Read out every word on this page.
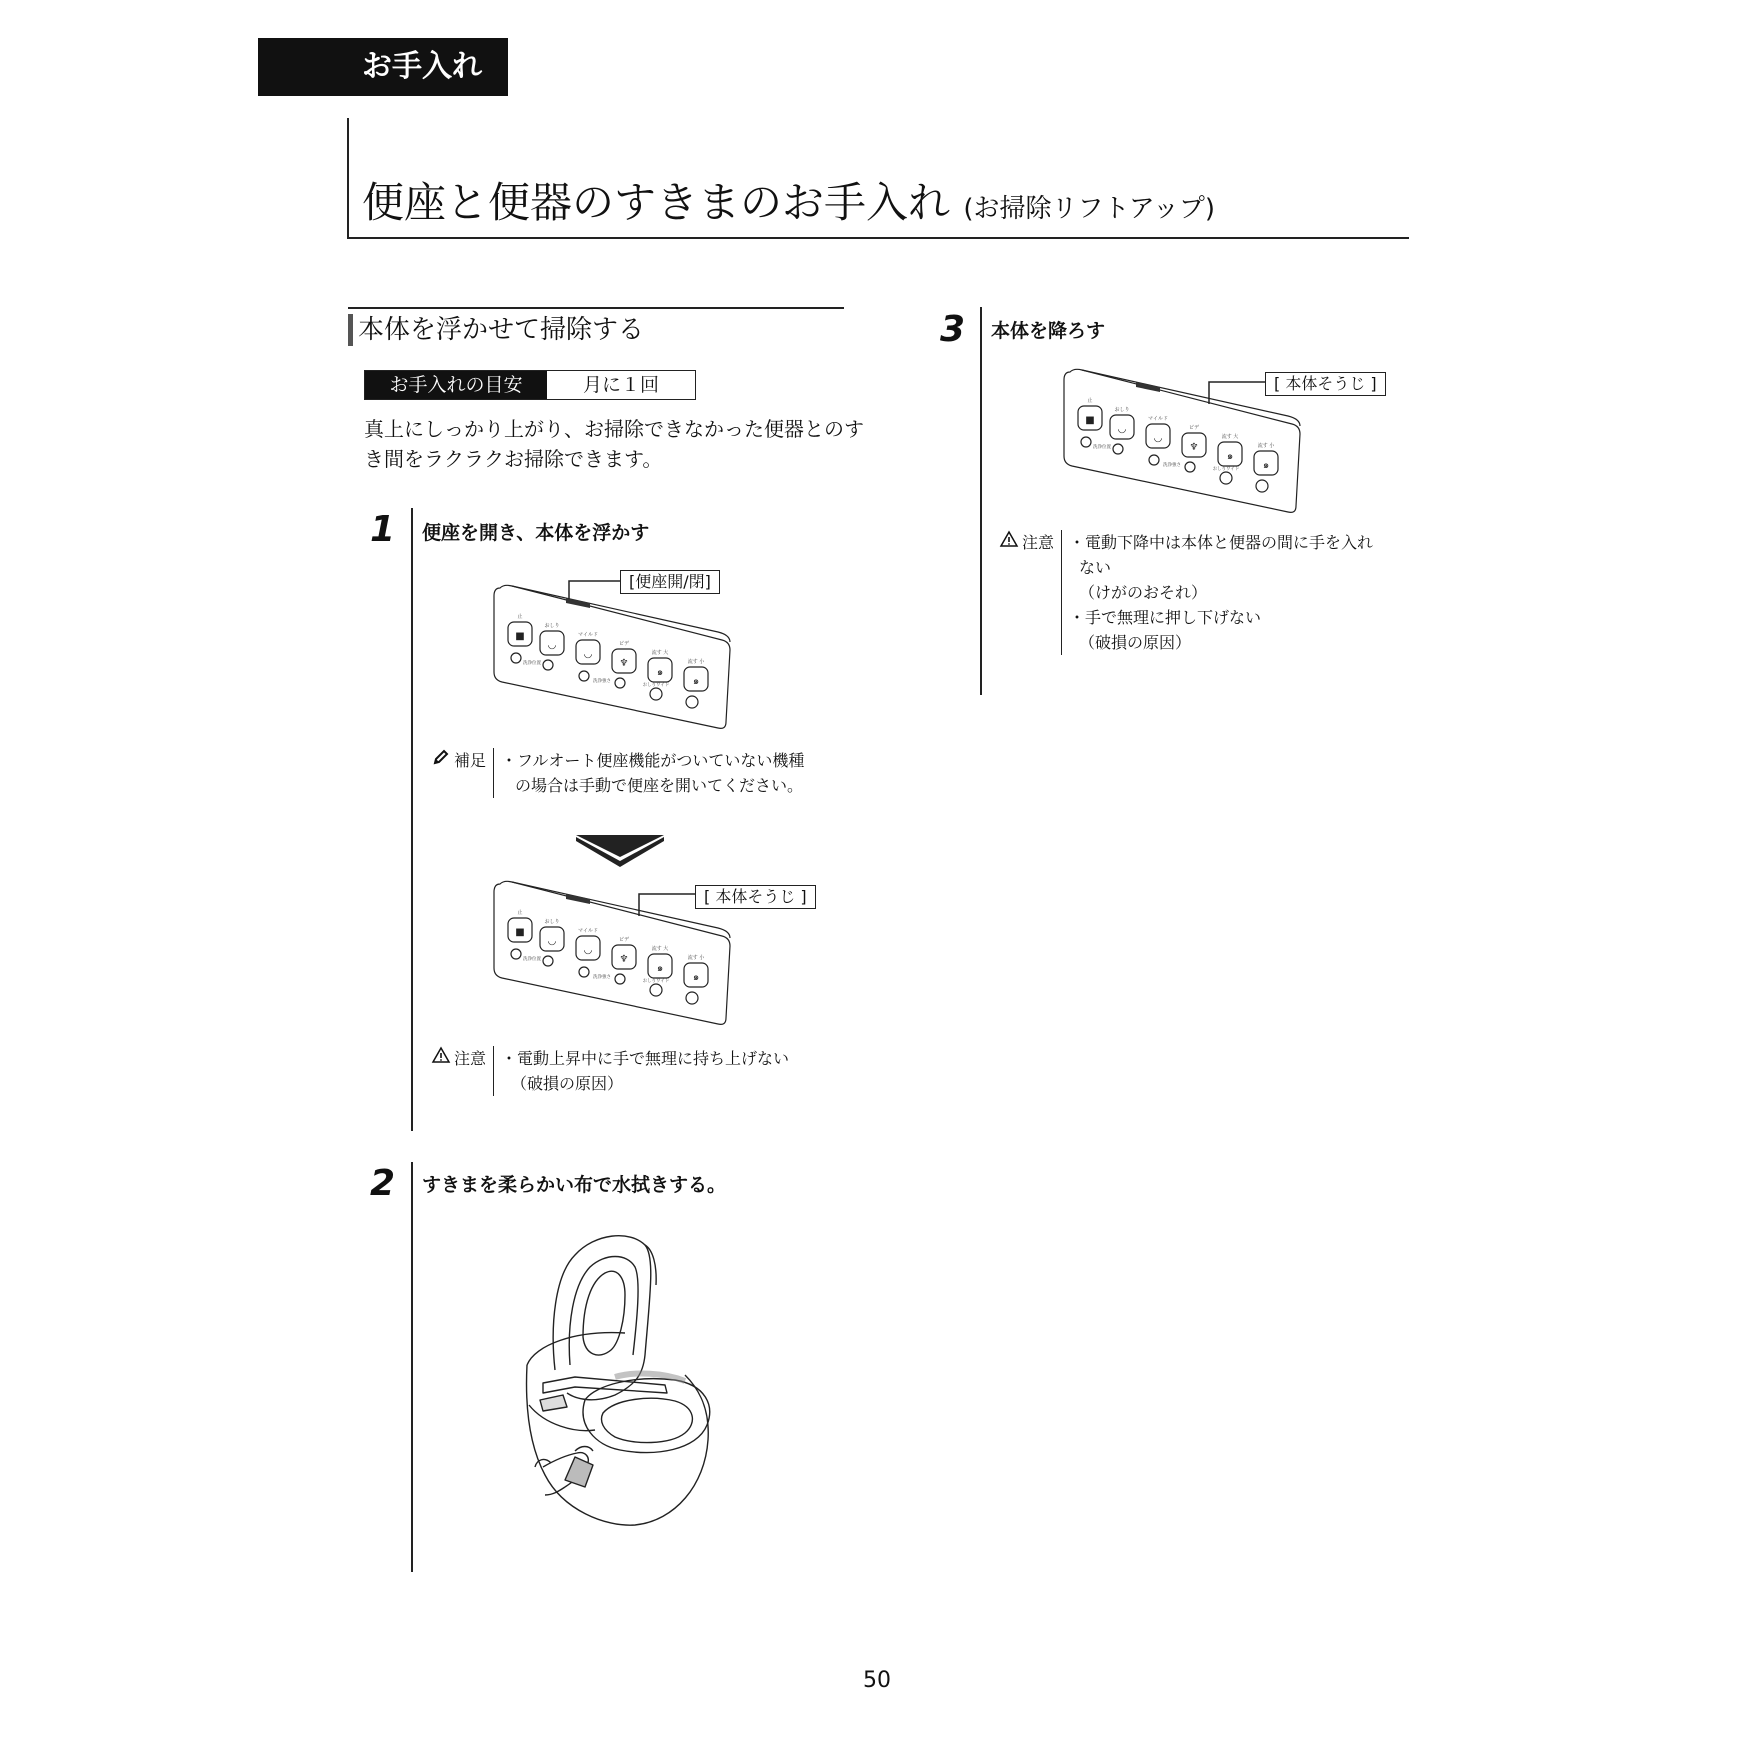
お手入れ
便座と便器のすきまのお手入れ (お掃除リフトアップ)
本体を浮かせて掃除する
お手入れの目安	月に１回
真上にしっかり上がり、お掃除できなかった便器とのすき間をラクラクお掃除できます。
1 便座を開き、本体を浮かす
■
止
◡
おしり
◡
マイルド
♆
ビデ
๑
流す 大
๑
流す 小
洗浄位置
洗浄強さ
おしりワイド
[便座開/閉]
補足 ・フルオート便座機能がついていない機種
の場合は手動で便座を開いてください。
■
止
◡
おしり
◡
マイルド
♆
ビデ
๑
流す 大
๑
流す 小
洗浄位置
洗浄強さ
おしりワイド
[ 本体そうじ ]
注意 ・電動上昇中に手で無理に持ち上げない
（破損の原因）
2 すきまを柔らかい布で水拭きする。
3 本体を降ろす
■
止
◡
おしり
◡
マイルド
♆
ビデ
๑
流す 大
๑
流す 小
洗浄位置
洗浄強さ
おしりワイド
[ 本体そうじ ]
注意 ・電動下降中は本体と便器の間に手を入れ
ない
（けがのおそれ）
・手で無理に押し下げない
（破損の原因）
50
